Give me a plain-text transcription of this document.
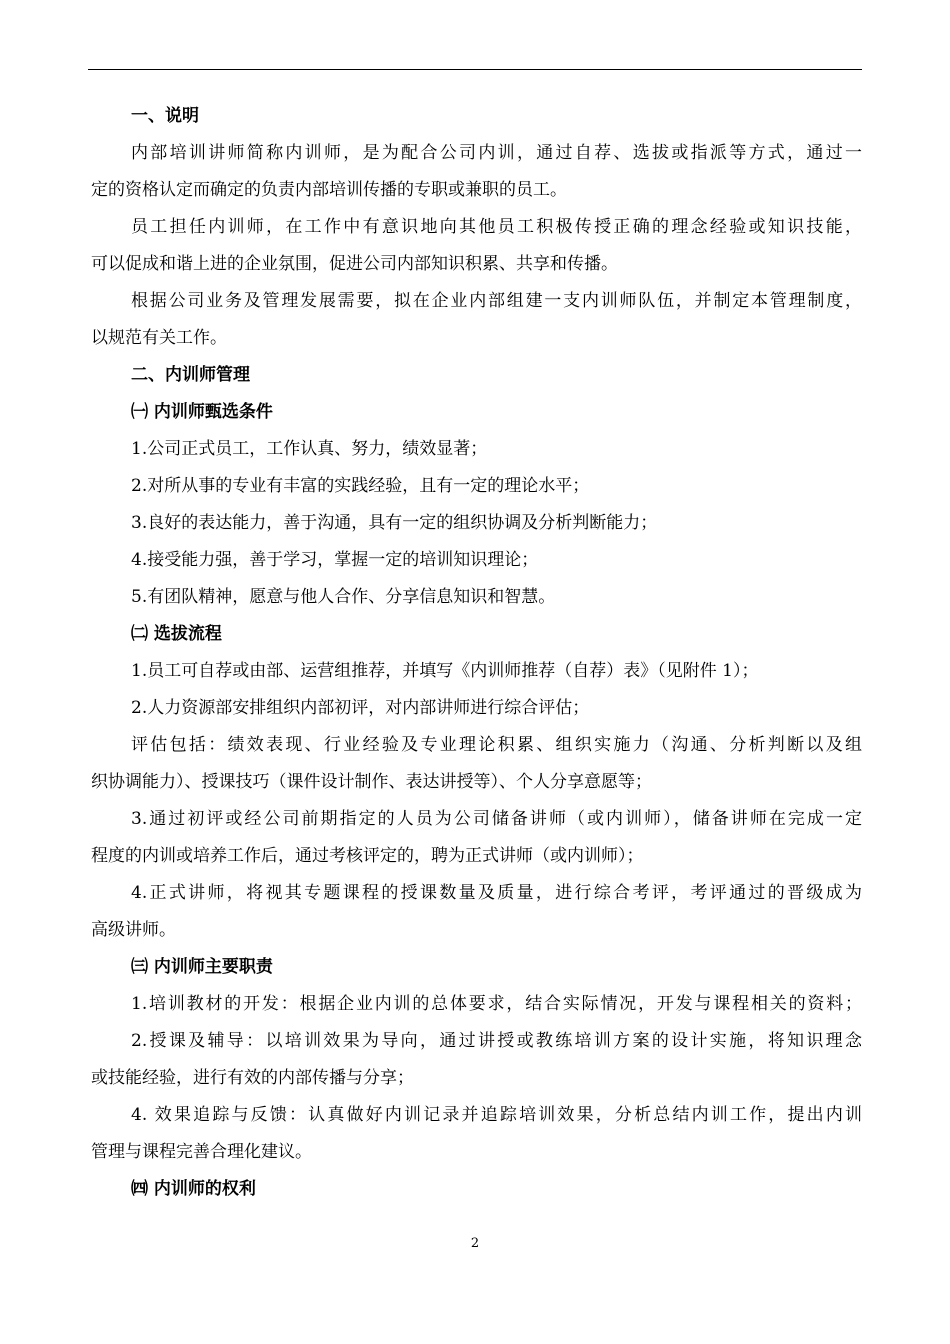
一、说明
内部培训讲师简称内训师，是为配合公司内训，通过自荐、选拔或指派等方式，通过一
定的资格认定而确定的负责内部培训传播的专职或兼职的员工。
员工担任内训师，在工作中有意识地向其他员工积极传授正确的理念经验或知识技能，
可以促成和谐上进的企业氛围，促进公司内部知识积累、共享和传播。
根据公司业务及管理发展需要，拟在企业内部组建一支内训师队伍，并制定本管理制度，
以规范有关工作。
二、内训师管理
㈠ 内训师甄选条件
1.公司正式员工，工作认真、努力，绩效显著；
2.对所从事的专业有丰富的实践经验，且有一定的理论水平；
3.良好的表达能力，善于沟通，具有一定的组织协调及分析判断能力；
4.接受能力强，善于学习，掌握一定的培训知识理论；
5.有团队精神，愿意与他人合作、分享信息知识和智慧。
㈡ 选拔流程
1.员工可自荐或由部、运营组推荐，并填写《内训师推荐（自荐）表》（见附件 1）；
2.人力资源部安排组织内部初评，对内部讲师进行综合评估；
评估包括：绩效表现、行业经验及专业理论积累、组织实施力（沟通、分析判断以及组
织协调能力）、授课技巧（课件设计制作、表达讲授等）、个人分享意愿等；
3.通过初评或经公司前期指定的人员为公司储备讲师（或内训师），储备讲师在完成一定
程度的内训或培养工作后，通过考核评定的，聘为正式讲师（或内训师）；
4.正式讲师，将视其专题课程的授课数量及质量，进行综合考评，考评通过的晋级成为
高级讲师。
㈢ 内训师主要职责
1.培训教材的开发：根据企业内训的总体要求，结合实际情况，开发与课程相关的资料；
2.授课及辅导：以培训效果为导向，通过讲授或教练培训方案的设计实施，将知识理念
或技能经验，进行有效的内部传播与分享；
4. 效果追踪与反馈：认真做好内训记录并追踪培训效果，分析总结内训工作，提出内训
管理与课程完善合理化建议。
㈣ 内训师的权利
2
